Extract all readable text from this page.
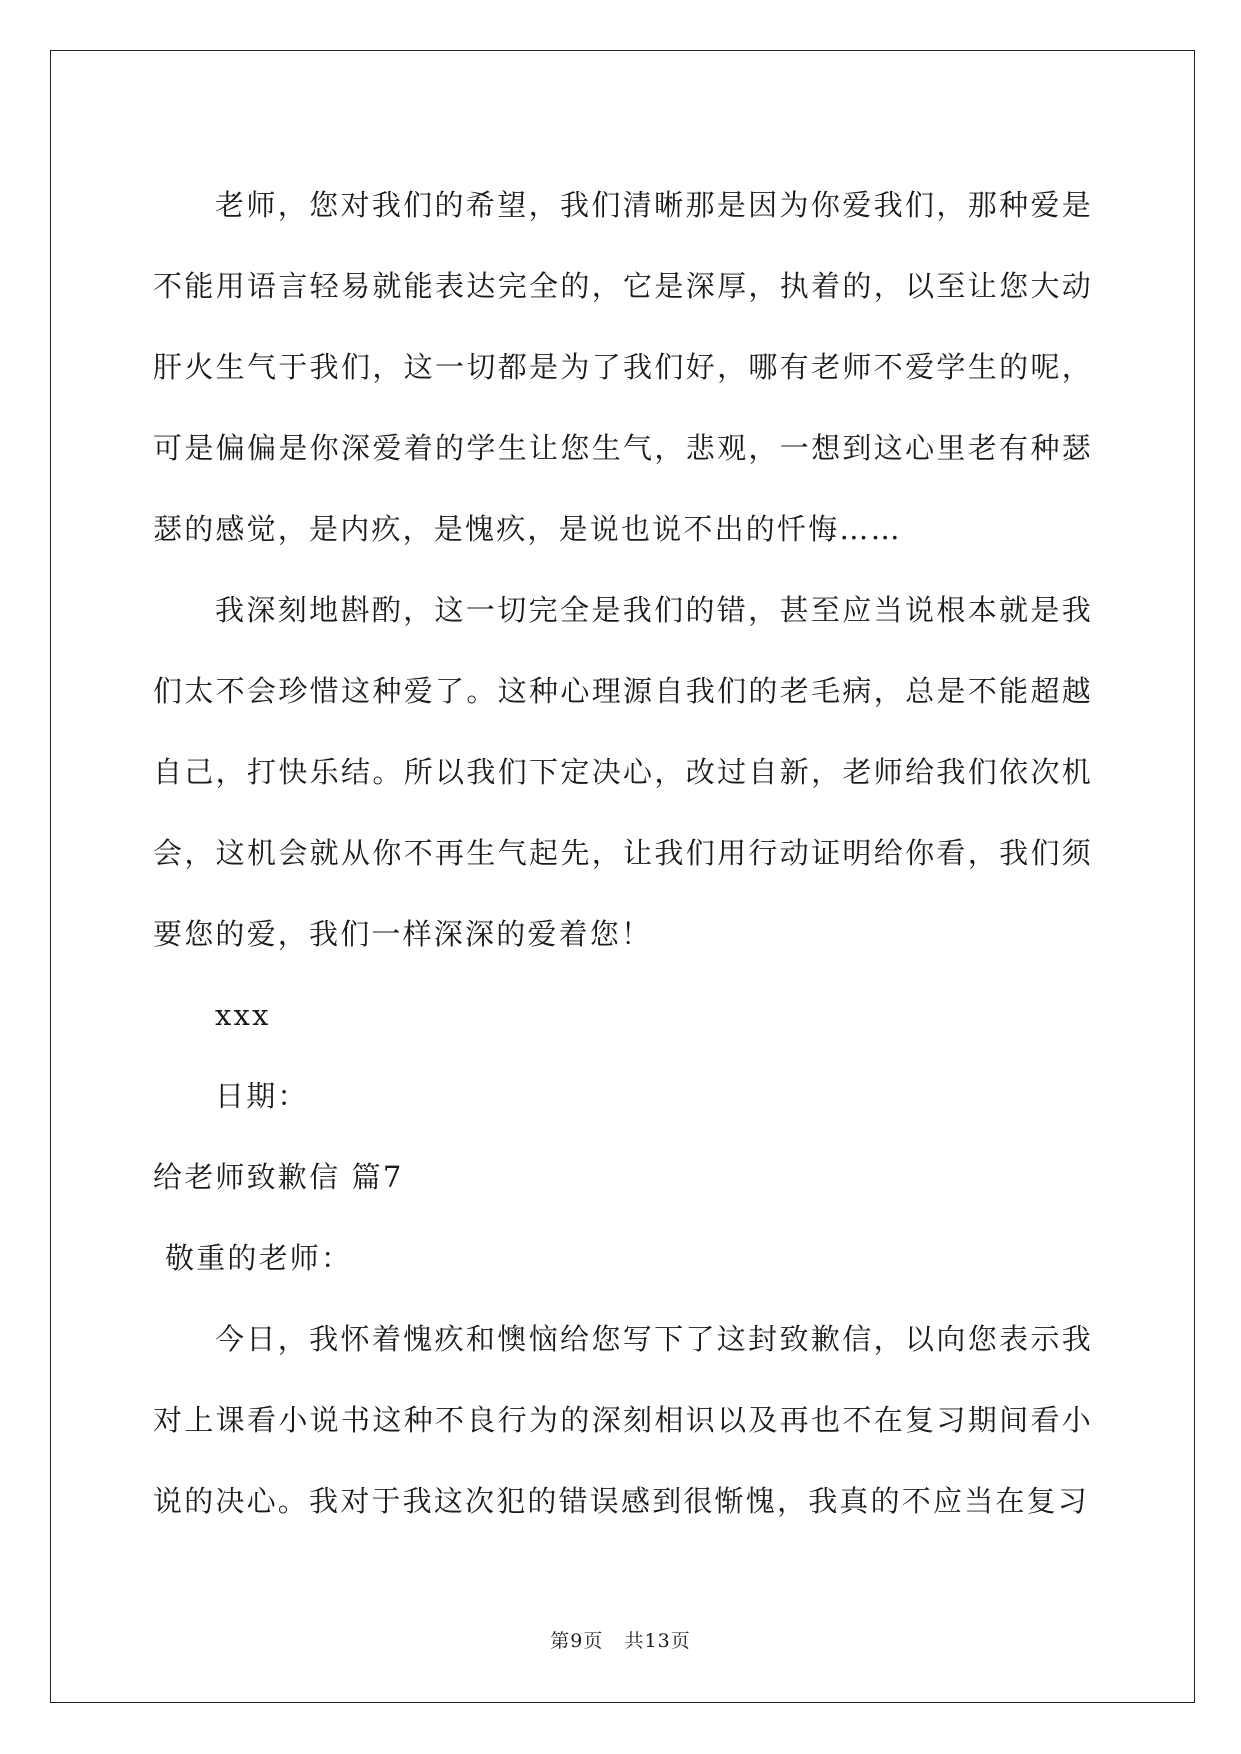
老师，您对我们的希望，我们清晰那是因为你爱我们，那种爱是不能用语言轻易就能表达完全的，它是深厚，执着的，以至让您大动肝火生气于我们，这一切都是为了我们好，哪有老师不爱学生的呢，可是偏偏是你深爱着的学生让您生气，悲观，一想到这心里老有种瑟瑟的感觉，是内疚，是愧疚，是说也说不出的忏悔……

我深刻地斟酌，这一切完全是我们的错，甚至应当说根本就是我们太不会珍惜这种爱了。这种心理源自我们的老毛病，总是不能超越自己，打快乐结。所以我们下定决心，改过自新，老师给我们依次机会，这机会就从你不再生气起先，让我们用行动证明给你看，我们须要您的爱，我们一样深深的爱着您！

xxx

日期：

给老师致歉信 篇7

敬重的老师：

今日，我怀着愧疚和懊恼给您写下了这封致歉信，以向您表示我对上课看小说书这种不良行为的深刻相识以及再也不在复习期间看小说的决心。我对于我这次犯的错误感到很惭愧，我真的不应当在复习

第9页 共13页
